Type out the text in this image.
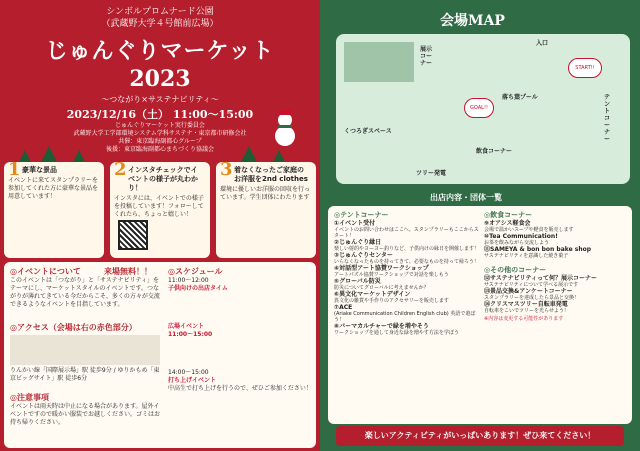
シンボルプロムナード公園
（武蔵野大学４号館前広場）
じゅんぐりマーケット
2023
〜つながり×サステナビリティ〜
2023/12/16（土） 11:00〜15:00
じゅんぐりマーケット実行委員会
武蔵野大学工学部環境システム学科サステナ・東京都市研修会社
共催：東京臨海副都心グループ
後援：東京臨海副都心まちづくり協議会
1豪華な景品
イベントに来てスタンプラリーを参加してくれた方に豪華な景品を用意しています！
2インスタチェックでイベントの様子が丸わかり！
インスタには、イベントでの様子を投稿しています！フォローしてくれたら、ちょっと嬉しい！
3着なくなったご家庭のお洋服を2nd clothes
環境に優しいお洋服の回収を行っています。学生団体にわたります
◎イベントについて
このイベントは「つながり」と「サステナビリティ」をテーマにし、マーケットスタイルのイベントです。つながりが薄れてきている今だからこそ、多くの方々が交流できるようなイベントを目指しています。
来場無料！！
◎アクセス（会場は右の赤色部分）
りんかい線「国際展示場」駅 徒歩9分 / ゆりかもめ「東京ビッグサイト」駅 徒歩6分
◎注意事項
イベントは雨天時は中止になる場合があります。屋外イベントですので暖かい服装でお越しください。ゴミはお持ち帰りください。
◎スケジュール
11:00〜12:00
子供向けの出店タイム
広場イベント
11:00〜15:00
14:00〜15:00
打ち上げイベント
中高生で打ち上げを行うので、ぜひご参加ください！
会場MAP
展示コーナー
GOAL!!
START!!
入口
落ち葉プール
くつろぎスペース
ツリー発電
飲食コーナー
テントコーナー
出店内容・団体一覧
◎テントコーナー
①イベント受付
イベントのお問い合わせはここへ。スタンプラリーもここからスタート！
②じゅんぐり縁日
楽しい射的やヨーヨー釣りなど、子供向けの縁日を開催します！
③じゅんぐりセンター
いらなくなったものを持ってきて、必要なものを持って帰ろう！
④対話型アート協賛ワークショップ
アートパズル協賛ワークショップで対話を楽しもう
⑤グローバル防災
防災についてグローバルに考えませんか？
⑥異文化マーケットデザイン
異文化の雑貨や手作りのアクセサリーを販売します
⑦ACE
(Ariake Communication Children English club) 英語で遊ぼう！
⑧バーマカルチャーで緑を増やそう
ワークショップを通して身近な緑を増やす方法を学ぼう
◎飲食コーナー
⑨オアシス軽食会
会場で温かいスープや軽食を販売します
⑩Tea Communication!
お茶を飲みながら交流しよう
⑪SAMEYA & bon bon bake shop
サステナビリティを意識した焼き菓子
◎その他のコーナー
⑫サステナビリティって何？展示コーナー
サステナビリティについて学べる展示です
⑬景品交換&アンケートコーナー
スタンプラリーを達成したら景品と交換！
⑭クリスマスツリー自転車発電
自転車をこいでツリーを光らせよう！
※内容は変更する可能性があります
楽しいアクティビティがいっぱいあります！ぜひ来てください！
